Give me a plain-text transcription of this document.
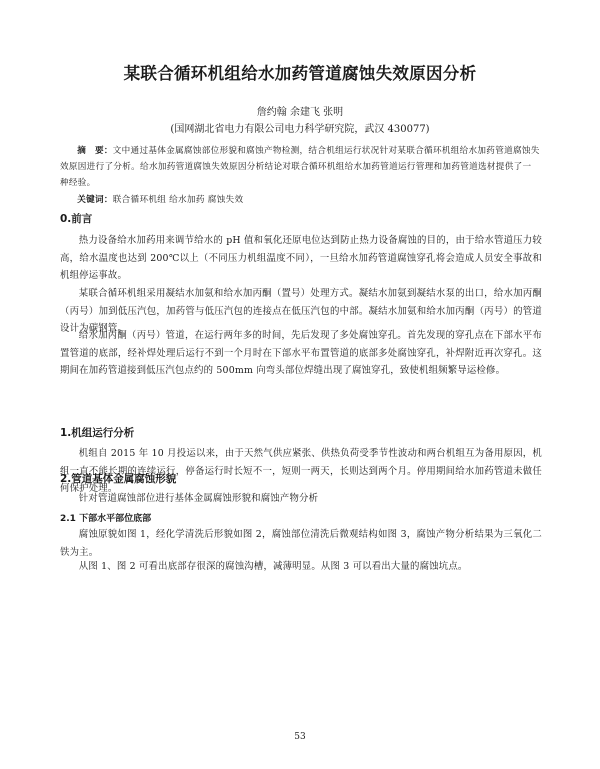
某联合循环机组给水加药管道腐蚀失效原因分析
詹约翰 余建飞 张明
(国网湖北省电力有限公司电力科学研究院，武汉 430077)
摘　要：文中通过基体金属腐蚀部位形貌和腐蚀产物检测，结合机组运行状况针对某联合循环机组给水加药管道腐蚀失效原因进行了分析。给水加药管道腐蚀失效原因分析结论对联合循环机组给水加药管道运行管理和加药管道选材提供了一种经验。
关键词：联合循环机组 给水加药 腐蚀失效
0.前言
热力设备给水加药用来调节给水的 pH 值和氧化还原电位达到防止热力设备腐蚀的目的，由于给水管道压力较高，给水温度也达到 200℃以上（不同压力机组温度不同），一旦给水加药管道腐蚀穿孔将会造成人员安全事故和机组停运事故。
某联合循环机组采用凝结水加氨和给水加丙酮（置号）处理方式。凝结水加氨到凝结水泵的出口，给水加丙酮（丙号）加到低压汽包，加药管与低压汽包的连接点在低压汽包的中部。凝结水加氨和给水加丙酮（丙号）的管道设计为碳钢管。
给水加丙酮（丙号）管道，在运行两年多的时间，先后发现了多处腐蚀穿孔。首先发现的穿孔点在下部水平布置管道的底部，经补焊处理后运行不到一个月时在下部水平布置管道的底部多处腐蚀穿孔，补焊附近再次穿孔。这期间在加药管道接到低压汽包点约的 500mm 向弯头部位焊缝出现了腐蚀穿孔，致使机组频繁导运检修。
1.机组运行分析
机组自 2015 年 10 月投运以来，由于天然气供应紧张、供热负荷受季节性波动和两台机组互为备用原因，机组一直不能长期的连续运行，停备运行时长短不一，短则一两天，长则达到两个月。停用期间给水加药管道未做任何保护处理。
2.管道基体金属腐蚀形貌
针对管道腐蚀部位进行基体金属腐蚀形貌和腐蚀产物分析
2.1 下部水平部位底部
腐蚀原貌如图 1，经化学清洗后形貌如图 2，腐蚀部位清洗后微观结构如图 3，腐蚀产物分析结果为三氧化二铁为主。
从图 1、图 2 可看出底部存很深的腐蚀沟槽，减薄明显。从图 3 可以看出大量的腐蚀坑点。
53
